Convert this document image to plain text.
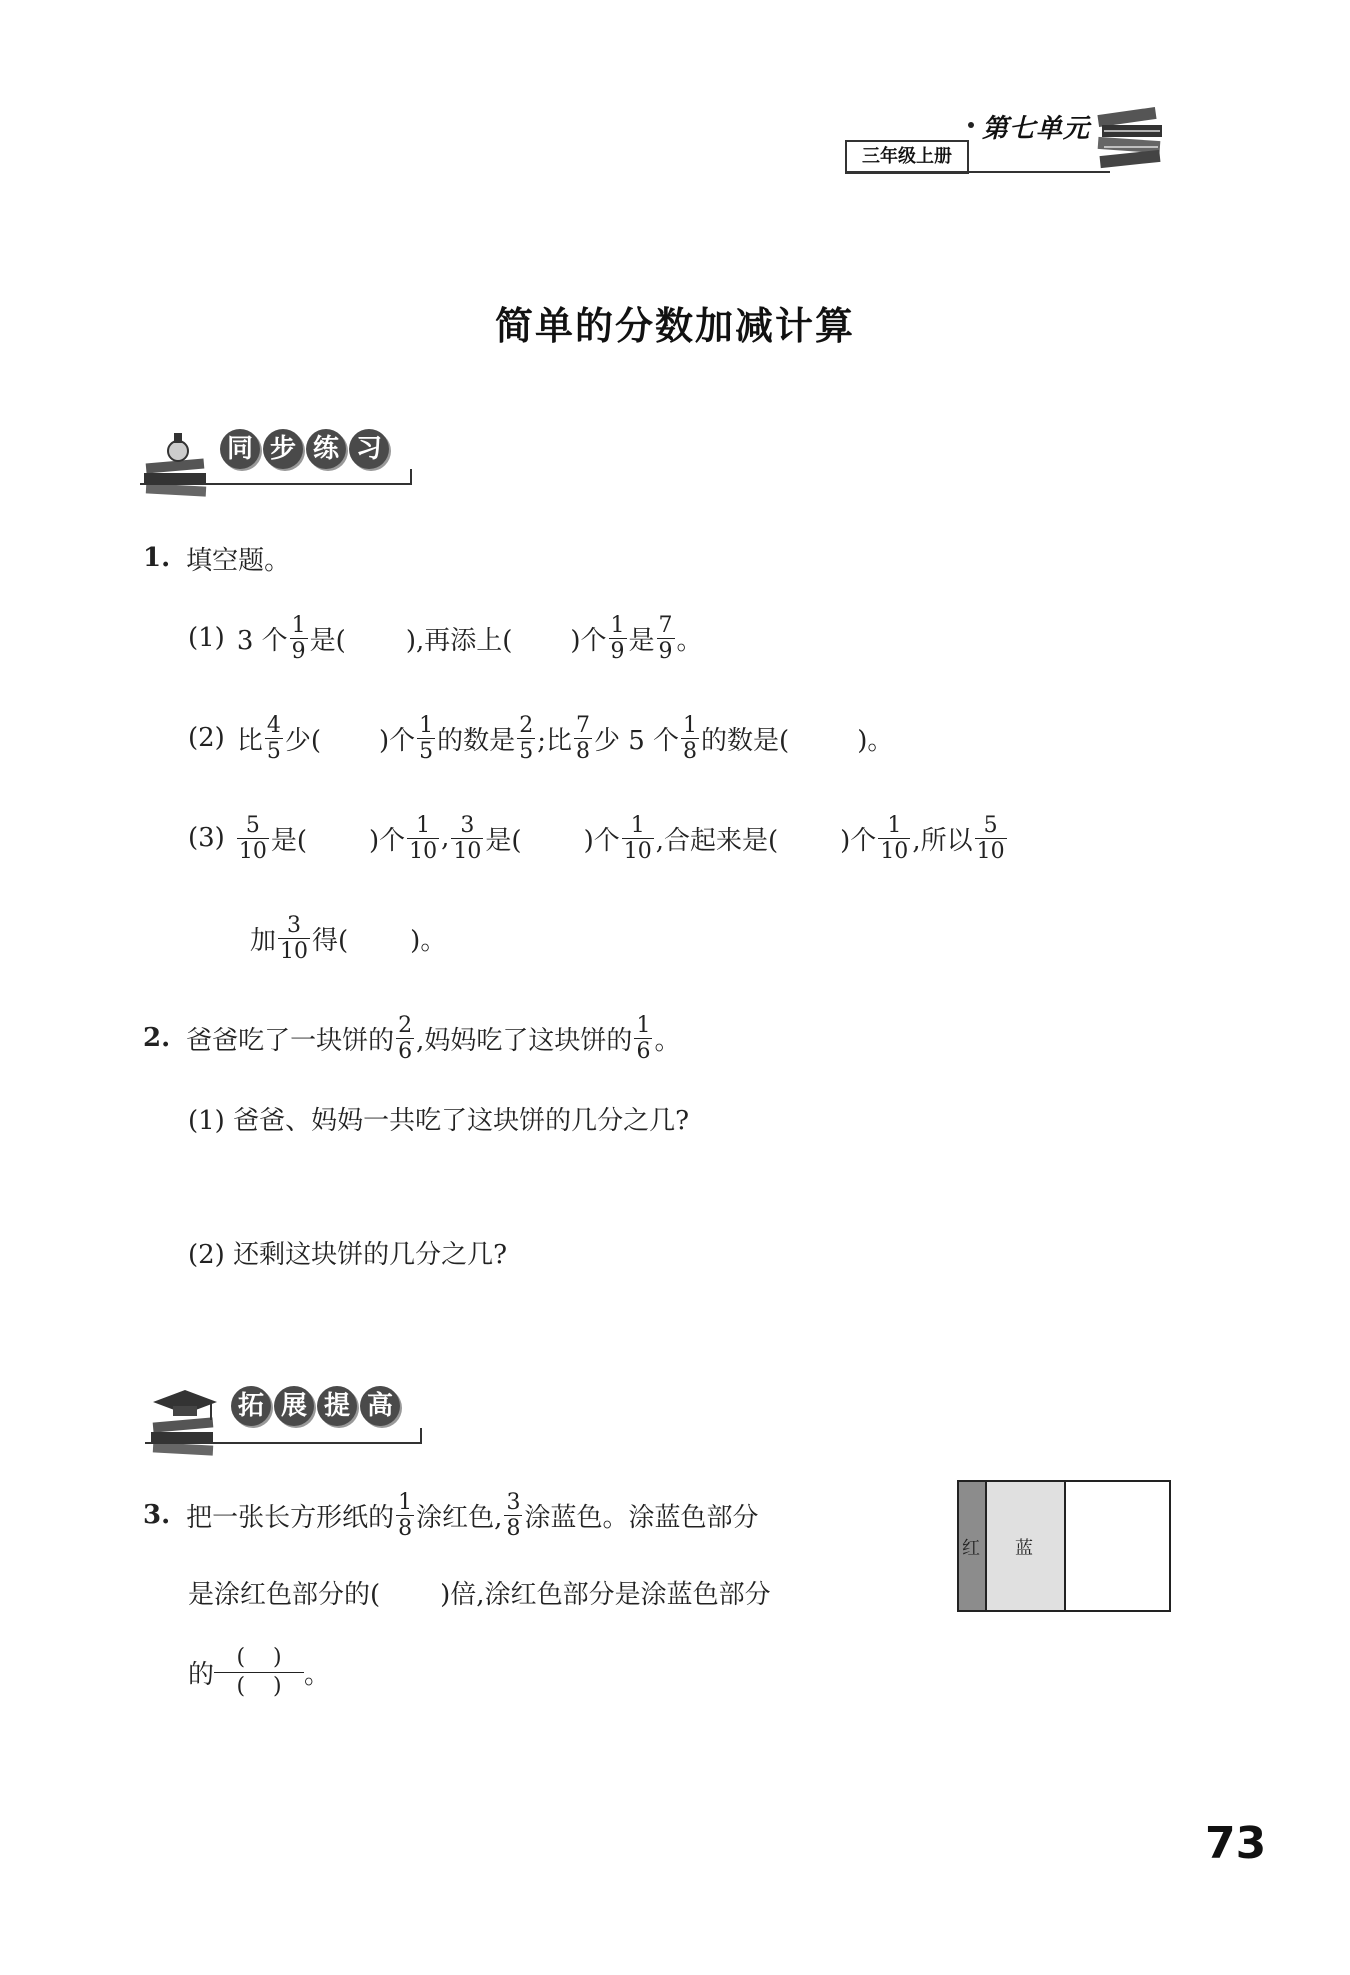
三年级上册
第七单元
简单的分数加减计算
同 步 练 习
1. 填空题。
(1) 3 个 $\frac{1}{9}$ 是( ),再添上( )个 $\frac{1}{9}$ 是 $\frac{7}{9}$ 。
(2) 比 $\frac{4}{5}$ 少( )个 $\frac{1}{5}$ 的数是 $\frac{2}{5}$ ;比 $\frac{7}{8}$ 少 5 个 $\frac{1}{8}$ 的数是(	)。
$(3) \frac{5}{10}$ 是( )个 $\frac{1}{10}$ , $\frac{3}{10}$ 是( )个 $\frac{1}{10}$ ,合起来是( )个 $\frac{1}{10}$ ,所以 $\frac{5}{10}$
加 $\frac{3}{10}$ 得( )。
2. 爸爸吃了一块饼的 $\frac{2}{6}$ ,妈妈吃了这块饼的 $\frac{1}{6}$ 。
(1) 爸爸、妈妈一共吃了这块饼的几分之几?
(2) 还剩这块饼的几分之几?
拓 展 提 高
3. 把一张长方形纸的 $\frac{1}{8}$ 涂红色, $\frac{3}{8}$ 涂蓝色。涂蓝色部分
是涂红色部分的( )倍,涂红色部分是涂蓝色部分
的
(    )
(    ) 。
红 蓝
73
